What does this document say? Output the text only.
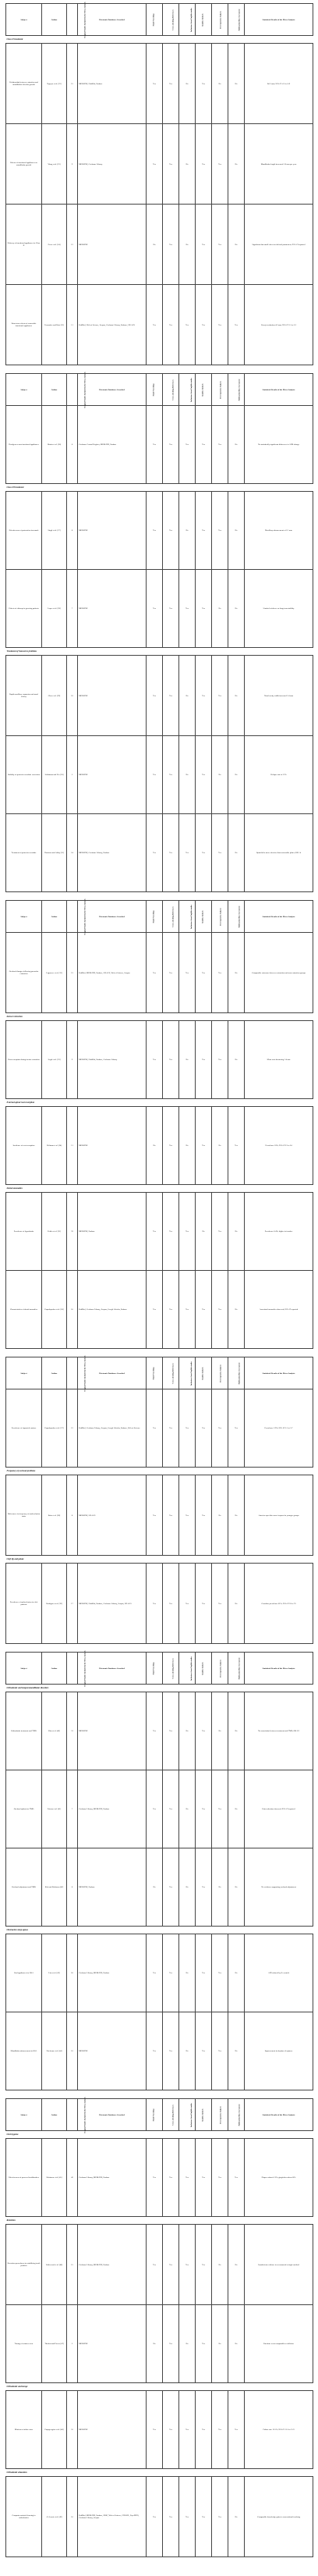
Subject	Author	Original Studies Included in the Meta-Analysis	Electronic Databases Searched	Hand Searching	Cross-checking References	Inclusion of non English studies	Quality Analysis	Heterogeneity Analysis	Publication Bias Assessment	Statistical Results of the Meta-Analysis
Class II treatment										
Relationship between extraction and mandibular/ alveolar growth	Nguyen et al. [22]	15	MEDLINE, PubMed, Embase	Yes	Yes	No	Yes	No	No	Δ0.2 mm; 95% CI -0.5 to 0.9
Effects of functional appliances on mandibular growth	Wang et al. [23]	9	MEDLINE, Cochrane Library	Yes	Yes	No	Yes	Yes	No	Mandibular length increased 1.8 mm per year
Efficacy of functional appliances in Class II	Perez et al. [24]	12	MEDLINE	No	Yes	No	Yes	Yes	No	Significant but small effect on skeletal parameters; 95% CI reported
Short-term effects of removable functional appliances	Fernandez and Ruiz [25]	11	PubMed, Web of Science, Scopus, Cochrane Library, Embase, LILACS	Yes	Yes	Yes	Yes	Yes	Yes	Overjet reduction 4.2 mm; 95% CI 3.1 to 5.3
Subject	Author	Original Studies Included in the Meta-Analysis	Electronic Databases Searched	Hand Searching	Cross-checking References	Inclusion of non English studies	Quality Analysis	Heterogeneity Analysis	Publication Bias Assessment	Statistical Results of the Meta-Analysis
Headgear versus functional appliances	Okafor et al. [26]	6	Cochrane Central Register, MEDLINE, Embase	Yes	Yes	Yes	Yes	Yes	No	No statistically significant difference in ANB change
Class III treatment										
Effectiveness of protraction facemask	Singh et al. [27]	8	MEDLINE	Yes	Yes	No	Yes	Yes	No	Maxillary advancement of 2.1 mm
Effects of chincup in growing patients	Lopez et al. [28]	7	MEDLINE	Yes	Yes	Yes	Yes	No	No	Limited evidence on long-term stability
Treatment of transverse problems										
Rapid maxillary expansion and nasal airway	Chen et al. [29]	10	MEDLINE	Yes	Yes	No	Yes	Yes	No	Nasal cavity width increased 2.4 mm
Stability of posterior crossbite correction	Schiffman and Yeo [30]	5	MEDLINE	Yes	Yes	No	Yes	No	No	Relapse rate of 12%
Treatment of posterior crossbite	Harrison and Ashby [31]	14	MEDLINE, Cochrane Library, Embase	Yes	Yes	Yes	Yes	Yes	No	Quad-helix more effective than removable plates; RR 1.4
Subject	Author	Original Studies Included in the Meta-Analysis	Electronic Databases Searched	Hand Searching	Cross-checking References	Inclusion of non English studies	Quality Analysis	Heterogeneity Analysis	Publication Bias Assessment	Statistical Results of the Meta-Analysis
Occlusal changes following premolar extraction	Lagravere et al. [32]	13	PubMed, MEDLINE, Embase, LILACS, Web of Science, Scopus	Yes	Yes	Yes	Yes	Yes	No	Comparable outcomes between extraction and non-extraction groups
Incisor retraction										
Root resorption during incisor retraction	Segal et al. [33]	9	MEDLINE, PubMed, Embase, Cochrane Library	Yes	Yes	No	Yes	Yes	No	Mean root shortening 1.4 mm
External apical root resorption										
Incidence of root resorption	Weltman et al. [34]	11	MEDLINE	No	Yes	No	Yes	No	Yes	Prevalence 18%; 95% CI 12 to 24
Dental anomalies										
Prevalence of hypodontia	Polder et al. [35]	33	MEDLINE, Embase	Yes	Yes	Yes	No	Yes	No	Prevalence 6.4%; higher in females
Characteristics of dental anomalies	Papadopoulos et al. [36]	16	PubMed, Cochrane Library, Scopus, Google Scholar, Embase	Yes	Yes	Yes	Yes	Yes	No	Associated anomalies observed; 95% CI reported
Subject	Author	Original Studies Included in the Meta-Analysis	Electronic Databases Searched	Hand Searching	Cross-checking References	Inclusion of non English studies	Quality Analysis	Heterogeneity Analysis	Publication Bias Assessment	Statistical Results of the Meta-Analysis
Prevalence of impacted canines	Papadopoulos et al. [37]	12	PubMed, Cochrane Library, Scopus, Google Scholar, Embase, Web of Science	Yes	Yes	Yes	Yes	Yes	Yes	Prevalence 2.9%; 95% CI 2.1 to 3.7
Frequency of occlusal problems										
Differences in frequency of malocclusion traits	Brito et al. [38]	8	MEDLINE, LILACS	Yes	Yes	Yes	Yes	No	No	Anterior open bite more frequent in younger groups
Cleft lip and palate										
Prevalence of malocclusion in cleft patients	Rodrigues et al. [39]	17	MEDLINE, PubMed, Embase, Cochrane Library, Scopus, LILACS	Yes	Yes	Yes	Yes	Yes	No	Crossbite prevalence 61%; 95% CI 52 to 70
Subject	Author	Original Studies Included in the Meta-Analysis	Electronic Databases Searched	Hand Searching	Cross-checking References	Inclusion of non English studies	Quality Analysis	Heterogeneity Analysis	Publication Bias Assessment	Statistical Results of the Meta-Analysis
Orthodontic and temporomandibular disorders										
Orthodontic treatment and TMD	Kim et al. [40]	31	MEDLINE	Yes	Yes	No	Yes	No	No	No association between treatment and TMD; OR 0.9
Occlusal splints for TMD	Fricton et al. [41]	7	Cochrane Library, MEDLINE, Embase	Yes	Yes	No	Yes	Yes	No	Pain reduction observed; 95% CI reported
Occlusal adjustment and TMD	Koh and Robinson [42]	6	MEDLINE, Embase	No	Yes	No	Yes	No	No	No evidence supporting occlusal adjustment
Obstructive sleep apnea										
Oral appliances for OSA	Lim et al. [43]	16	Cochrane Library, MEDLINE, Embase	Yes	Yes	No	Yes	Yes	No	AHI reduced by 8 events/h
Mandibular advancement in OSA	Hoekema et al. [44]	10	MEDLINE	Yes	Yes	No	Yes	Yes	No	Improvement in daytime sleepiness
Subject	Author	Original Studies Included in the Meta-Analysis	Electronic Databases Searched	Hand Searching	Cross-checking References	Inclusion of non English studies	Quality Analysis	Heterogeneity Analysis	Publication Bias Assessment	Statistical Results of the Meta-Analysis
Oral hygiene										
Effectiveness of powered toothbrushes	Robinson et al. [45]	42	Cochrane Library, MEDLINE, Embase	Yes	Yes	Yes	Yes	Yes	Yes	Plaque reduced 11%; gingivitis reduced 6%
Retention										
Retention procedures for stabilizing tooth position	Littlewood et al. [46]	15	Cochrane Library, MEDLINE, Embase	Yes	Yes	Yes	Yes	No	No	Insufficient evidence to recommend a single method
Timing of retainer wear	Thickett and Power [47]	5	MEDLINE	No	Yes	No	Yes	No	No	Part-time wear comparable to full-time
Orthodontic anchorage										
Miniscrew failure rates	Papageorgiou et al. [48]	52	MEDLINE	Yes	Yes	Yes	Yes	Yes	Yes	Failure rate 13.5%; 95% CI 11.5 to 15.9
Orthodontic education										
Computer-assisted learning in orthodontics	Al-Jewair et al. [49]	10	PubMed, MEDLINE, Embase, ERIC, Web of Science, CINAHL, PsycINFO, Cochrane Library, Scopus	Yes	Yes	Yes	Yes	Yes	No	Comparable knowledge gains to conventional teaching
